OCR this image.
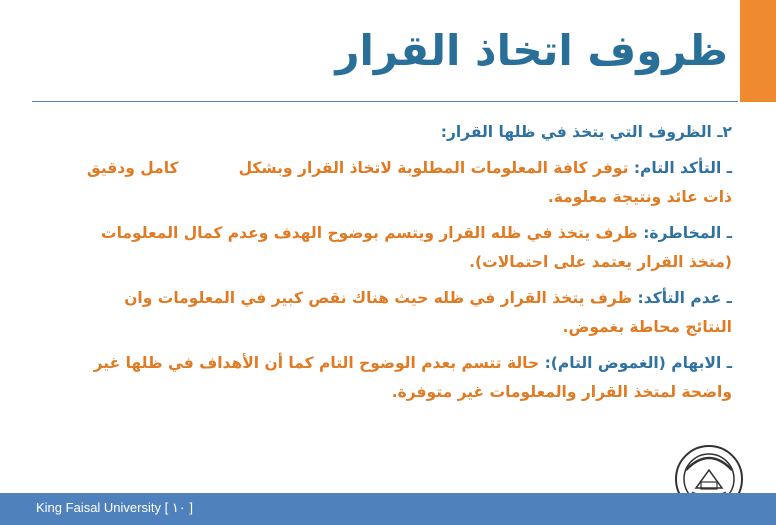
ظروف اتخاذ القرار

٢ـ الظروف التي يتخذ في ظلها القرار:

ـ التأكد التام: توفر كافة المعلومات المطلوبة لاتخاذ القرار وبشكلكامل ودقيق
ذات عائد ونتيجة معلومة.

ـ المخاطرة: ظرف يتخذ في ظله القرار ويتسم بوضوح الهدف وعدم كمال المعلومات
(متخذ القرار يعتمد على احتمالات).

ـ عدم التأكد: ظرف يتخذ القرار في ظله حيث هناك نقص كبير في المعلومات وان
النتائج محاطة بغموض.

ـ الابهام (الغموض التام): حالة تتسم بعدم الوضوح التام كما أن الأهداف في ظلها غير
واضحة لمتخذ القرار والمعلومات غير متوفرة.

King Faisal University [ ١٠ ]
